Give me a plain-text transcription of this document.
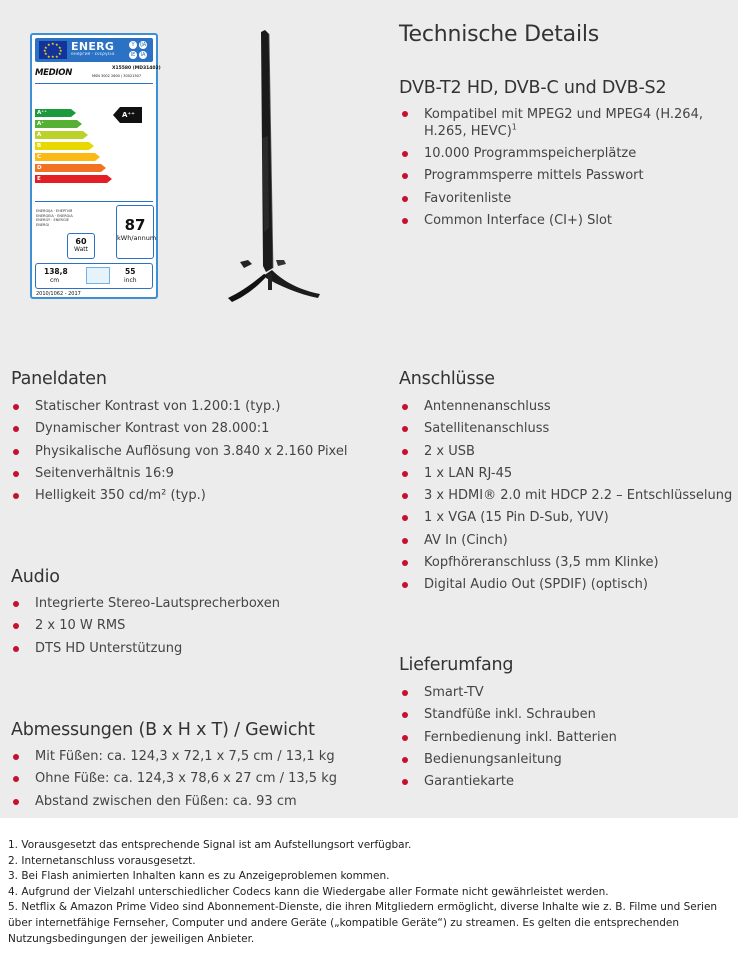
★ ★
★
★
★
★
★
★
★
★
★
★ ENERG
енергия · ενεργεια
Y	IJA
IE	IA
MEDION	X15580 (MD31402)
MSN 3002 2600 / 30021507
A⁺⁺
A⁺
A
B
C
D
E
A⁺⁺
ENERGIJA · ЕНЕРГИЯ
ENERGEIA · ENERGIA
ENERGY · ENERGIE
ENERGI	87
kWh/annum
60
Watt
138,8
cm
55
inch
2010/1062 - 2017
Technische Details
DVB-T2 HD, DVB-C und DVB-S2
Kompatibel mit MPEG2 und MPEG4 (H.264, H.265, HEVC)$^1$
10.000 Programmspeicherplätze
Programmsperre mittels Passwort
Favoritenliste
Common Interface (CI+) Slot
Paneldaten
Statischer Kontrast von 1.200:1 (typ.)
Dynamischer Kontrast von 28.000:1
Physikalische Auflösung von 3.840 x 2.160 Pixel
Seitenverhältnis 16:9
Helligkeit 350 cd/m² (typ.)
Anschlüsse
Antennenanschluss
Satellitenanschluss
2 x USB
1 x LAN RJ-45
3 x HDMI® 2.0 mit HDCP 2.2 – Entschlüsselung
1 x VGA (15 Pin D-Sub, YUV)
AV In (Cinch)
Kopfhöreranschluss (3,5 mm Klinke)
Digital Audio Out (SPDIF) (optisch)
Audio
Integrierte Stereo-Lautsprecherboxen
2 x 10 W RMS
DTS HD Unterstützung
Lieferumfang
Smart-TV
Standfüße inkl. Schrauben
Fernbedienung inkl. Batterien
Bedienungsanleitung
Garantiekarte
Abmessungen (B x H x T) / Gewicht
Mit Füßen: ca. 124,3 x 72,1 x 7,5 cm / 13,1 kg
Ohne Füße: ca. 124,3 x 78,6 x 27 cm / 13,5 kg
Abstand zwischen den Füßen: ca. 93 cm
1. Vorausgesetzt das entsprechende Signal ist am Aufstellungsort verfügbar.
2. Internetanschluss vorausgesetzt.
3. Bei Flash animierten Inhalten kann es zu Anzeigeproblemen kommen.
4. Aufgrund der Vielzahl unterschiedlicher Codecs kann die Wiedergabe aller Formate nicht gewährleistet werden.
5. Netflix & Amazon Prime Video sind Abonnement-Dienste, die ihren Mitgliedern ermöglicht, diverse Inhalte wie z. B. Filme und Serien über internetfähige Fernseher, Computer und andere Geräte („kompatible Geräte“) zu streamen. Es gelten die entsprechenden Nutzungsbedingungen der jeweiligen Anbieter.
